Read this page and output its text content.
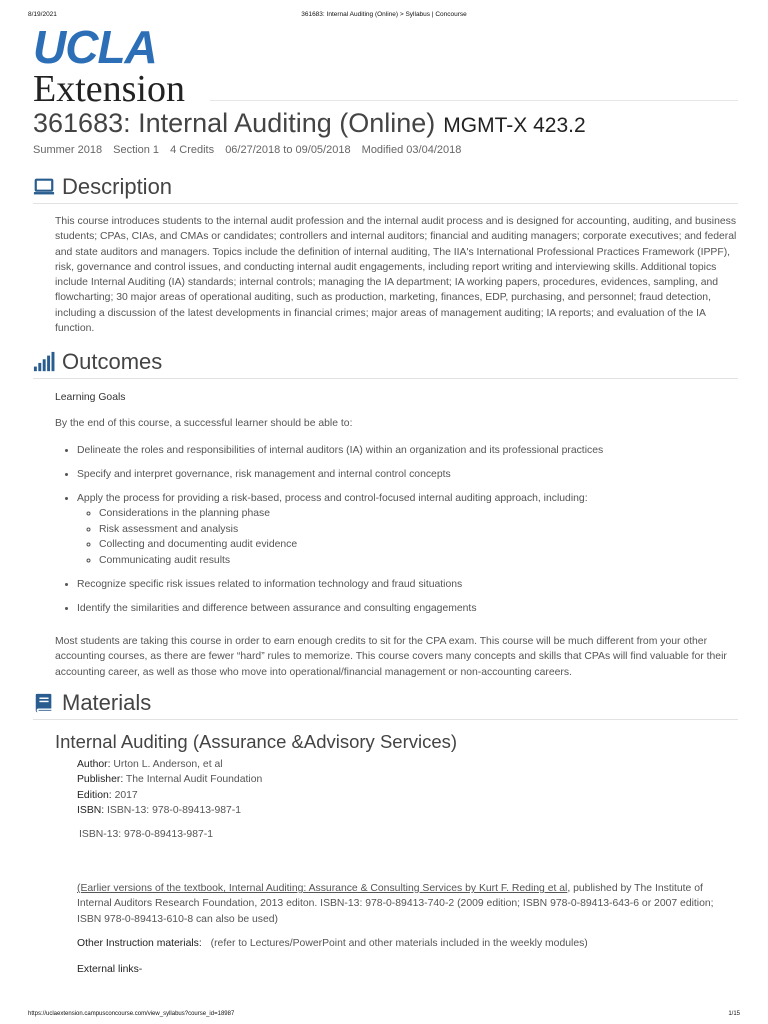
8/19/2021	361683: Internal Auditing (Online) > Syllabus | Concourse
UCLA
Extension
361683: Internal Auditing (Online) MGMT-X 423.2
Summer 2018 Section 1 4 Credits 06/27/2018 to 09/05/2018 Modified 03/04/2018
Description
This course introduces students to the internal audit profession and the internal audit process and is designed for accounting, auditing, and business students; CPAs, CIAs, and CMAs or candidates; controllers and internal auditors; financial and auditing managers; corporate executives; and federal and state auditors and managers. Topics include the definition of internal auditing, The IIA's International Professional Practices Framework (IPPF), risk, governance and control issues, and conducting internal audit engagements, including report writing and interviewing skills. Additional topics include Internal Auditing (IA) standards; internal controls; managing the IA department; IA working papers, procedures, evidences, sampling, and flowcharting; 30 major areas of operational auditing, such as production, marketing, finances, EDP, purchasing, and personnel; fraud detection, including a discussion of the latest developments in financial crimes; major areas of management auditing; IA reports; and evaluation of the IA function.
Outcomes
Learning Goals
By the end of this course, a successful learner should be able to:
• Delineate the roles and responsibilities of internal auditors (IA) within an organization and its professional practices
• Specify and interpret governance, risk management and internal control concepts
• Apply the process for providing a risk-based, process and control-focused internal auditing approach, including:
◦ Considerations in the planning phase
◦ Risk assessment and analysis
◦ Collecting and documenting audit evidence
◦ Communicating audit results
• Recognize specific risk issues related to information technology and fraud situations
• Identify the similarities and difference between assurance and consulting engagements
Most students are taking this course in order to earn enough credits to sit for the CPA exam. This course will be much different from your other accounting courses, as there are fewer “hard” rules to memorize. This course covers many concepts and skills that CPAs will find valuable for their accounting career, as well as those who move into operational/financial management or non-accounting careers.
Materials
Internal Auditing (Assurance &Advisory Services)
Author: Urton L. Anderson, et al
Publisher: The Internal Audit Foundation
Edition: 2017
ISBN: ISBN-13: 978-0-89413-987-1
ISBN-13: 978-0-89413-987-1
(Earlier versions of the textbook, Internal Auditing: Assurance & Consulting Services by Kurt F. Reding et al, published by The Institute of Internal Auditors Research Foundation, 2013 editon. ISBN-13: 978-0-89413-740-2 (2009 edition; ISBN 978-0-89413-643-6 or 2007 edition; ISBN 978-0-89413-610-8 can also be used)
Other Instruction materials: (refer to Lectures/PowerPoint and other materials included in the weekly modules)
External links-
https://uclaextension.campusconcourse.com/view_syllabus?course_id=18987	1/15
